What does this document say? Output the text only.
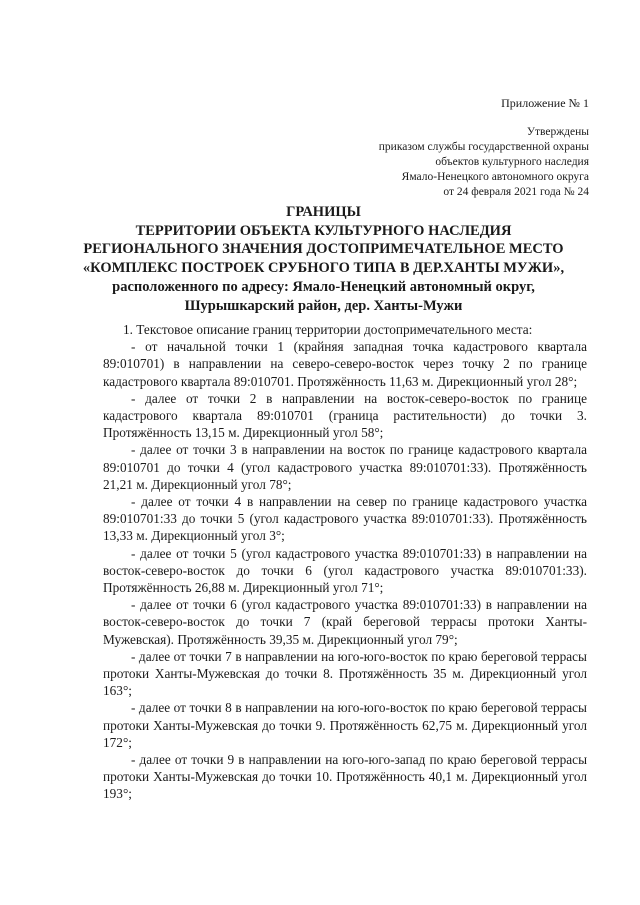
Приложение № 1
Утверждены
приказом службы государственной охраны
объектов культурного наследия
Ямало-Ненецкого автономного округа
от 24 февраля 2021 года № 24
ГРАНИЦЫ
ТЕРРИТОРИИ ОБЪЕКТА КУЛЬТУРНОГО НАСЛЕДИЯ
РЕГИОНАЛЬНОГО ЗНАЧЕНИЯ ДОСТОПРИМЕЧАТЕЛЬНОЕ МЕСТО
«КОМПЛЕКС ПОСТРОЕК СРУБНОГО ТИПА В ДЕР.ХАНТЫ МУЖИ»,
расположенного по адресу: Ямало-Ненецкий автономный округ,
Шурышкарский район, дер. Ханты-Мужи

1. Текстовое описание границ территории достопримечательного места:

- от начальной точки 1 (крайняя западная точка кадастрового квартала 89:010701) в направлении на северо-северо-восток через точку 2 по границе кадастрового квартала 89:010701. Протяжённость 11,63 м. Дирекционный угол 28°;

- далее от точки 2 в направлении на восток-северо-восток по границе кадастрового квартала 89:010701 (граница растительности) до точки 3. Протяжённость 13,15 м. Дирекционный угол 58°;

- далее от точки 3 в направлении на восток по границе кадастрового квартала 89:010701 до точки 4 (угол кадастрового участка 89:010701:33). Протяжённость 21,21 м. Дирекционный угол 78°;

- далее от точки 4 в направлении на север по границе кадастрового участка 89:010701:33 до точки 5 (угол кадастрового участка 89:010701:33). Протяжённость 13,33 м. Дирекционный угол 3°;

- далее от точки 5 (угол кадастрового участка 89:010701:33) в направлении на восток-северо-восток до точки 6 (угол кадастрового участка 89:010701:33). Протяжённость 26,88 м. Дирекционный угол 71°;

- далее от точки 6 (угол кадастрового участка 89:010701:33) в направлении на восток-северо-восток до точки 7 (край береговой террасы протоки Ханты-Мужевская). Протяжённость 39,35 м. Дирекционный угол 79°;

- далее от точки 7 в направлении на юго-юго-восток по краю береговой террасы протоки Ханты-Мужевская до точки 8. Протяжённость 35 м. Дирекционный угол 163°;

- далее от точки 8 в направлении на юго-юго-восток по краю береговой террасы протоки Ханты-Мужевская до точки 9. Протяжённость 62,75 м. Дирекционный угол 172°;

- далее от точки 9 в направлении на юго-юго-запад по краю береговой террасы протоки Ханты-Мужевская до точки 10. Протяжённость 40,1 м. Дирекционный угол 193°;
